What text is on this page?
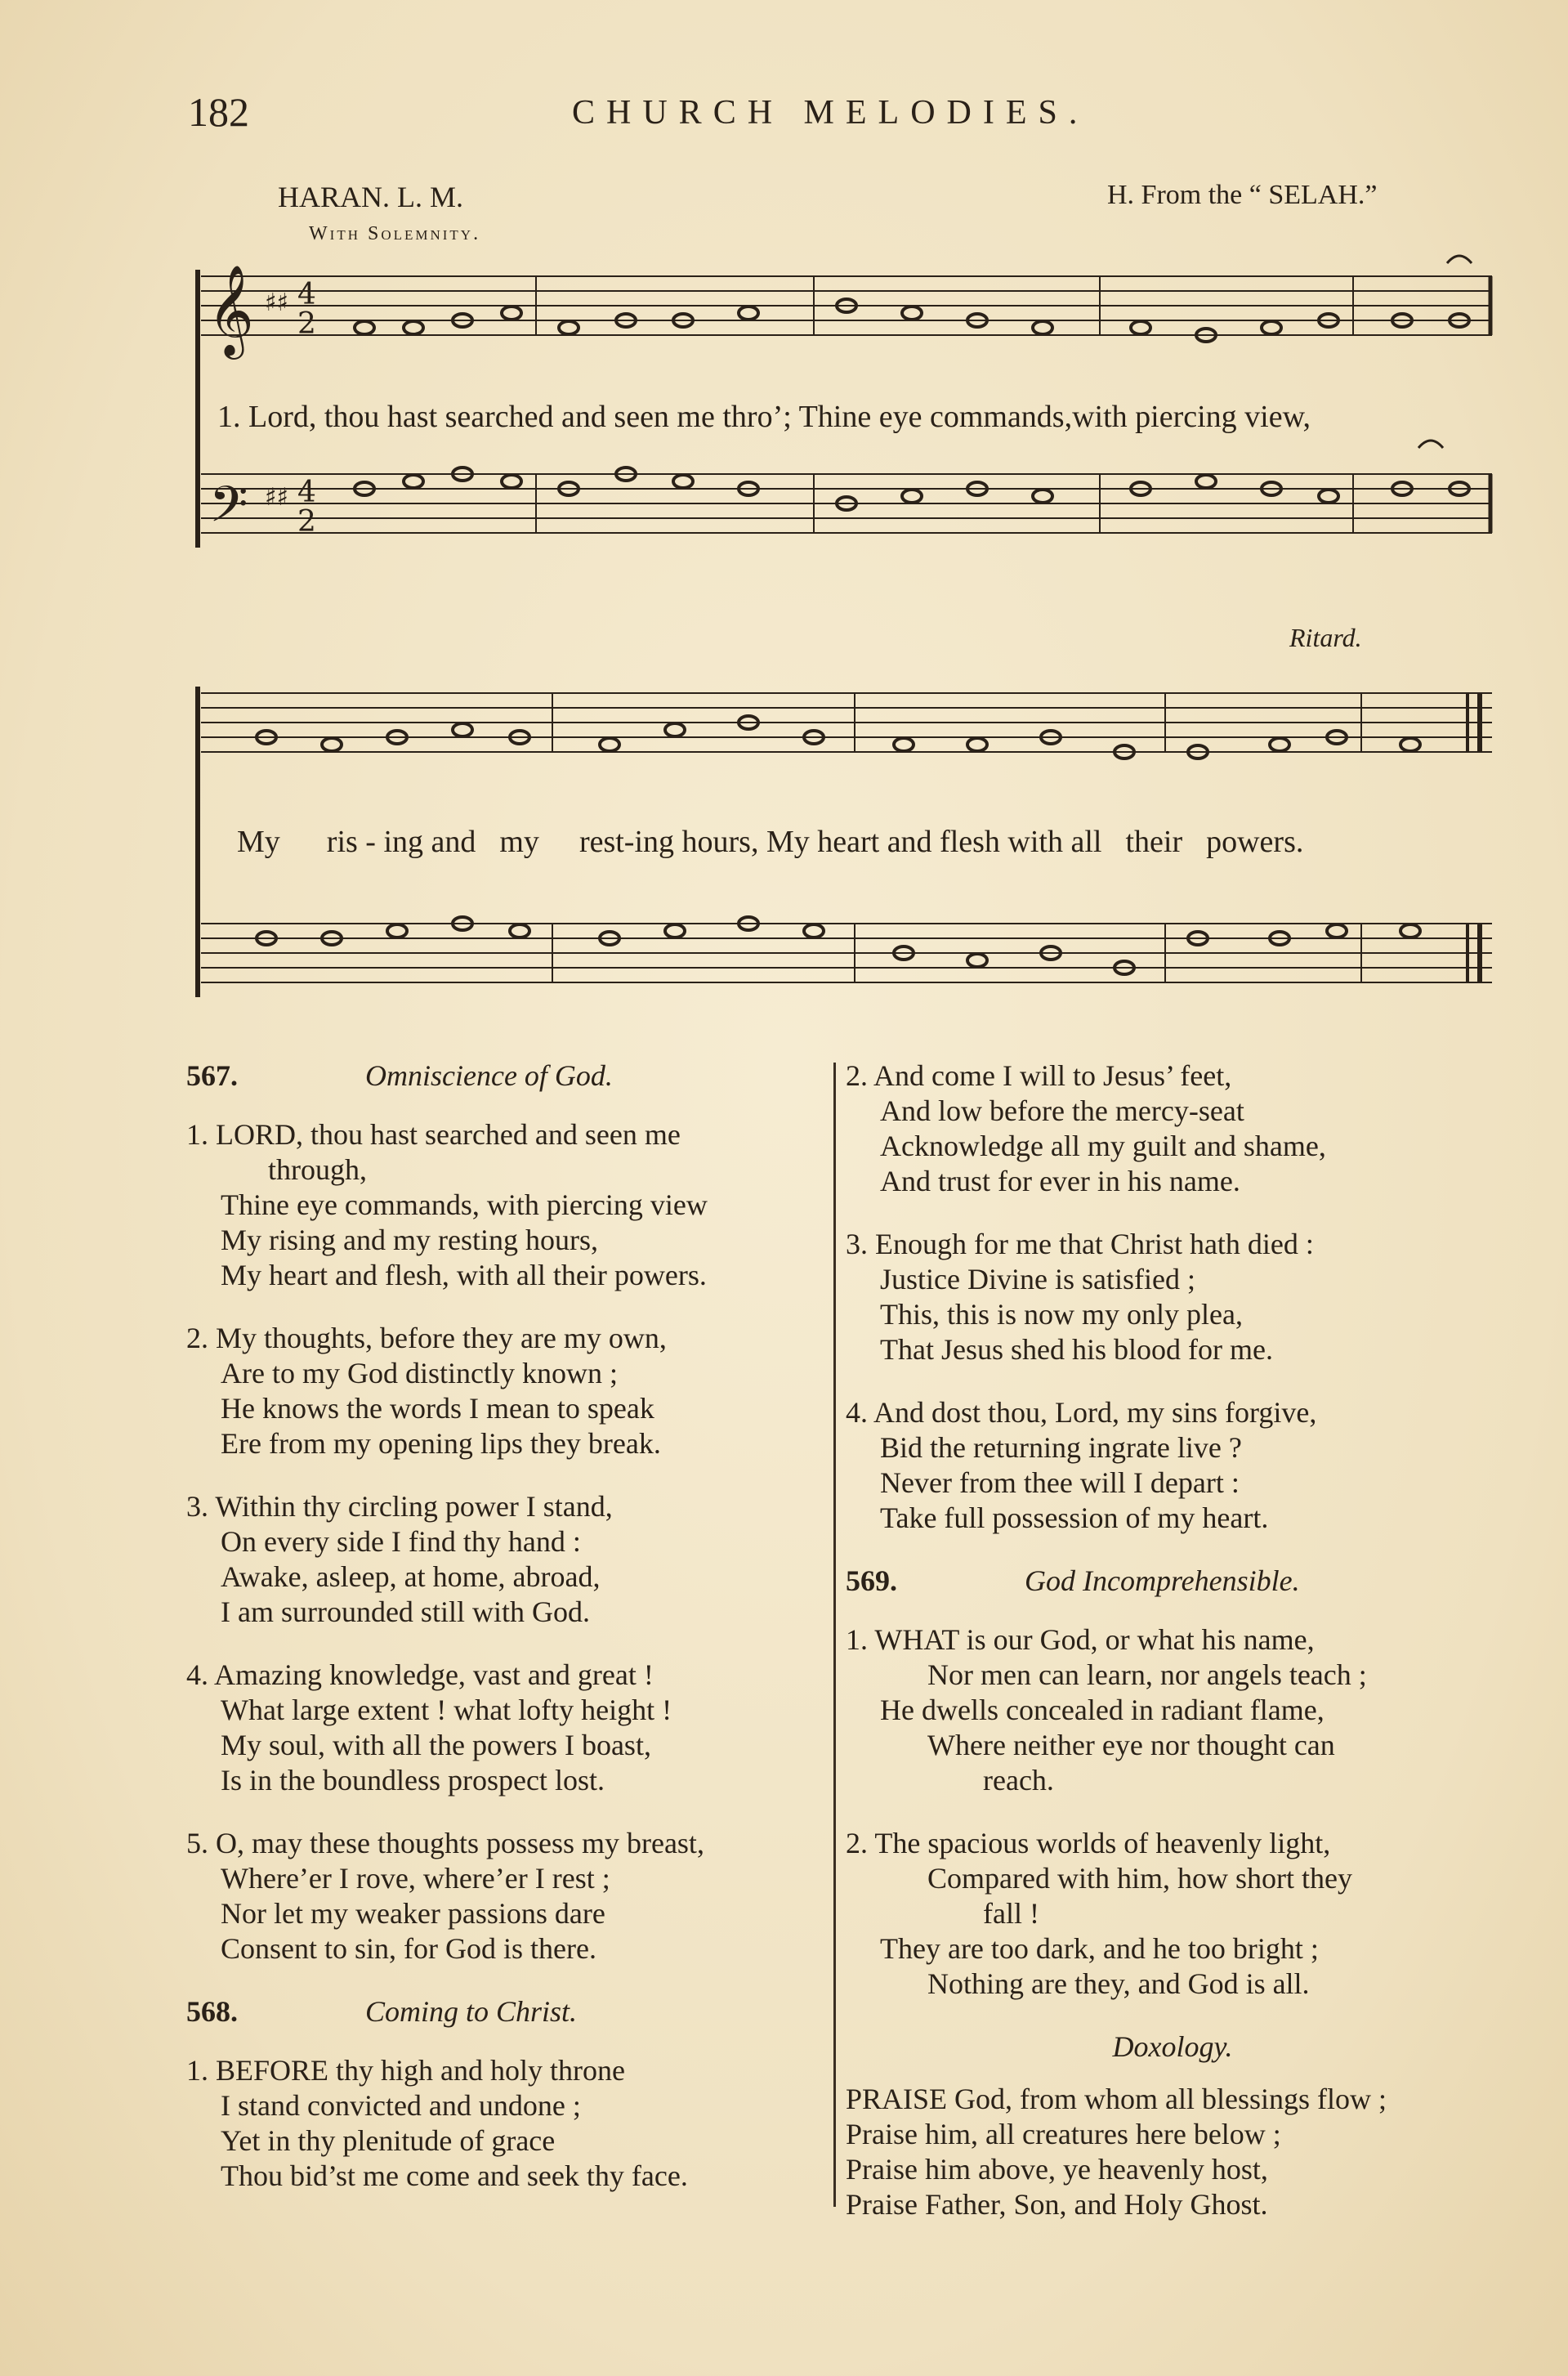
182	CHURCH MELODIES.
HARAN. L. M.	H. From the “ SELAH.”
With Solemnity.
𝄞
𝄢
♯♯
♯♯
4
2
4
2
1. Lord, thou hast searched and seen me thro’; Thine eye commands,with piercing view,
Ritard.
My ris - ing and my rest-ing hours, My heart and flesh with all their powers.
567.	Omniscience of God.
1. LORD, thou hast searched and seen me
through,
Thine eye commands, with piercing view
My rising and my resting hours,
My heart and flesh, with all their powers.
2. My thoughts, before they are my own,
Are to my God distinctly known ;
He knows the words I mean to speak
Ere from my opening lips they break.
3. Within thy circling power I stand,
On every side I find thy hand :
Awake, asleep, at home, abroad,
I am surrounded still with God.
4. Amazing knowledge, vast and great !
What large extent ! what lofty height !
My soul, with all the powers I boast,
Is in the boundless prospect lost.
5. O, may these thoughts possess my breast,
Where’er I rove, where’er I rest ;
Nor let my weaker passions dare
Consent to sin, for God is there.
568.	Coming to Christ.
1. BEFORE thy high and holy throne
I stand convicted and undone ;
Yet in thy plenitude of grace
Thou bid’st me come and seek thy face.
2. And come I will to Jesus’ feet,
And low before the mercy-seat
Acknowledge all my guilt and shame,
And trust for ever in his name.
3. Enough for me that Christ hath died :
Justice Divine is satisfied ;
This, this is now my only plea,
That Jesus shed his blood for me.
4. And dost thou, Lord, my sins forgive,
Bid the returning ingrate live ?
Never from thee will I depart :
Take full possession of my heart.
569.	God Incomprehensible.
1. WHAT is our God, or what his name,
Nor men can learn, nor angels teach ;
He dwells concealed in radiant flame,
Where neither eye nor thought can
reach.
2. The spacious worlds of heavenly light,
Compared with him, how short they
fall !
They are too dark, and he too bright ;
Nothing are they, and God is all.
Doxology.
PRAISE God, from whom all blessings flow ;
Praise him, all creatures here below ;
Praise him above, ye heavenly host,
Praise Father, Son, and Holy Ghost.
